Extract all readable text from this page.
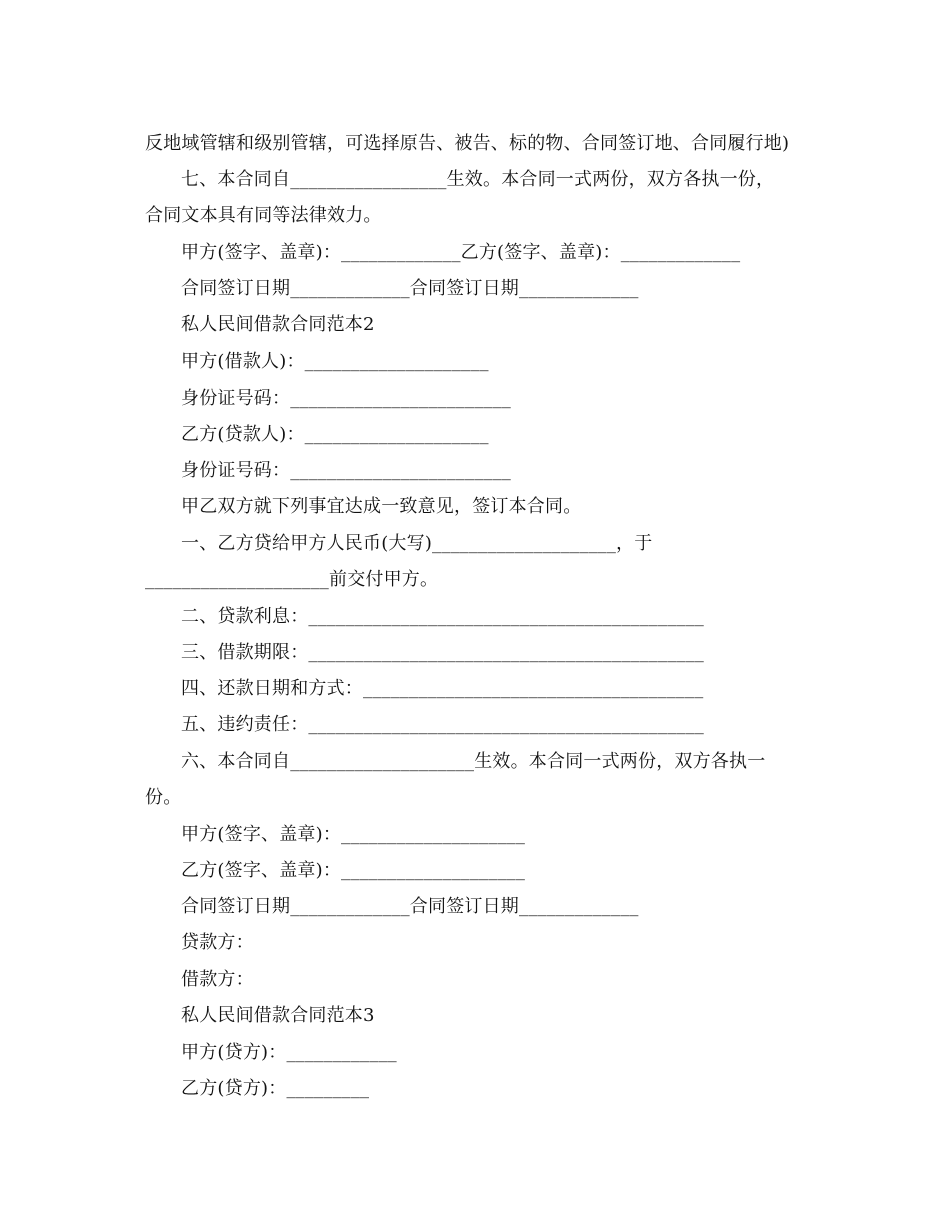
反地域管辖和级别管辖，可选择原告、被告、标的物、合同签订地、合同履行地)
七、本合同自_________________生效。本合同一式两份，双方各执一份，
合同文本具有同等法律效力。
甲方(签字、盖章)：_____________乙方(签字、盖章)：_____________
合同签订日期_____________合同签订日期_____________
私人民间借款合同范本2
甲方(借款人)：____________________
身份证号码：________________________
乙方(贷款人)：____________________
身份证号码：________________________
甲乙双方就下列事宜达成一致意见，签订本合同。
一、乙方贷给甲方人民币(大写)____________________，于
____________________前交付甲方。
二、贷款利息：___________________________________________
三、借款期限：___________________________________________
四、还款日期和方式：_____________________________________
五、违约责任：___________________________________________
六、本合同自____________________生效。本合同一式两份，双方各执一
份。
甲方(签字、盖章)：____________________
乙方(签字、盖章)：____________________
合同签订日期_____________合同签订日期_____________
贷款方：
借款方：
私人民间借款合同范本3
甲方(贷方)：____________
乙方(贷方)：_________
